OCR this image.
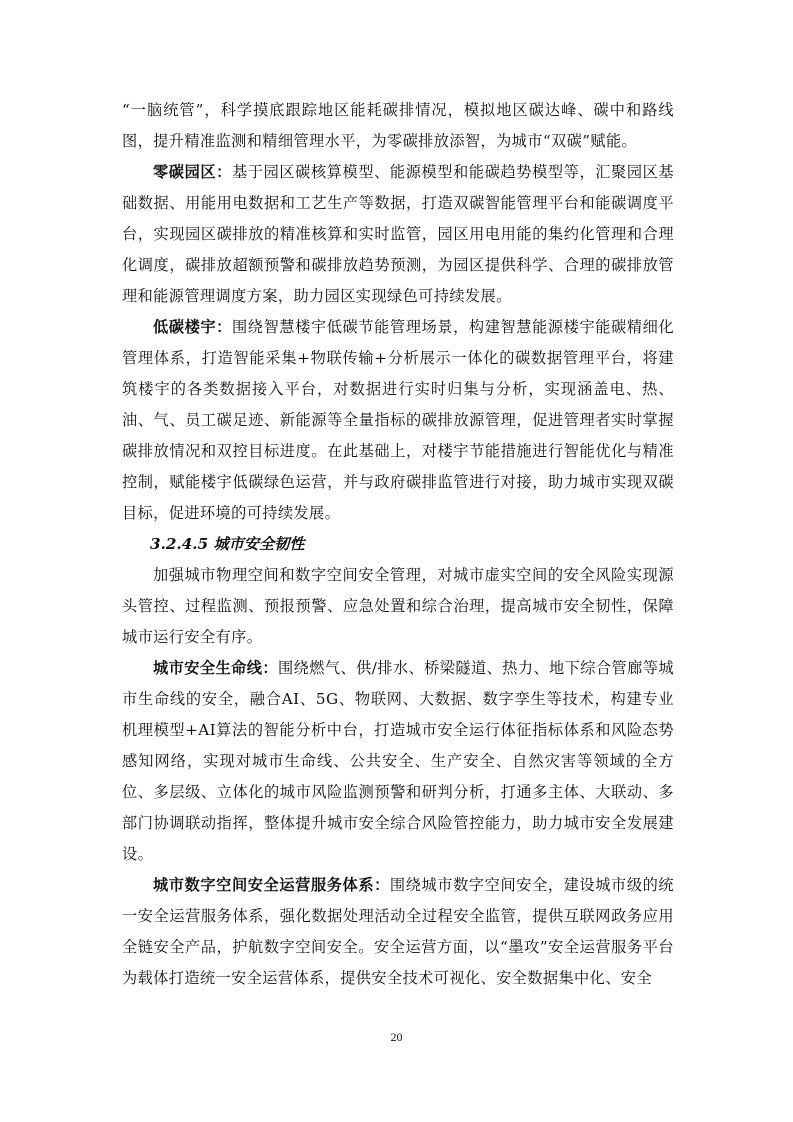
“一脑统管”，科学摸底跟踪地区能耗碳排情况，模拟地区碳达峰、碳中和路线图，提升精准监测和精细管理水平，为零碳排放添智，为城市“双碳”赋能。

零碳园区：基于园区碳核算模型、能源模型和能碳趋势模型等，汇聚园区基础数据、用能用电数据和工艺生产等数据，打造双碳智能管理平台和能碳调度平台，实现园区碳排放的精准核算和实时监管，园区用电用能的集约化管理和合理化调度，碳排放超额预警和碳排放趋势预测，为园区提供科学、合理的碳排放管理和能源管理调度方案，助力园区实现绿色可持续发展。

低碳楼宇：围绕智慧楼宇低碳节能管理场景，构建智慧能源楼宇能碳精细化管理体系，打造智能采集+物联传输+分析展示一体化的碳数据管理平台，将建筑楼宇的各类数据接入平台，对数据进行实时归集与分析，实现涵盖电、热、油、气、员工碳足迹、新能源等全量指标的碳排放源管理，促进管理者实时掌握碳排放情况和双控目标进度。在此基础上，对楼宇节能措施进行智能优化与精准控制，赋能楼宇低碳绿色运营，并与政府碳排监管进行对接，助力城市实现双碳目标，促进环境的可持续发展。

3.2.4.5 城市安全韧性

加强城市物理空间和数字空间安全管理，对城市虚实空间的安全风险实现源头管控、过程监测、预报预警、应急处置和综合治理，提高城市安全韧性，保障城市运行安全有序。

城市安全生命线：围绕燃气、供/排水、桥梁隧道、热力、地下综合管廊等城市生命线的安全，融合AI、5G、物联网、大数据、数字孪生等技术，构建专业机理模型+AI算法的智能分析中台，打造城市安全运行体征指标体系和风险态势感知网络，实现对城市生命线、公共安全、生产安全、自然灾害等领域的全方位、多层级、立体化的城市风险监测预警和研判分析，打通多主体、大联动、多部门协调联动指挥，整体提升城市安全综合风险管控能力，助力城市安全发展建设。

城市数字空间安全运营服务体系：围绕城市数字空间安全，建设城市级的统一安全运营服务体系，强化数据处理活动全过程安全监管，提供互联网政务应用全链安全产品，护航数字空间安全。安全运营方面，以“墨攻”安全运营服务平台为载体打造统一安全运营体系，提供安全技术可视化、安全数据集中化、安全

20
